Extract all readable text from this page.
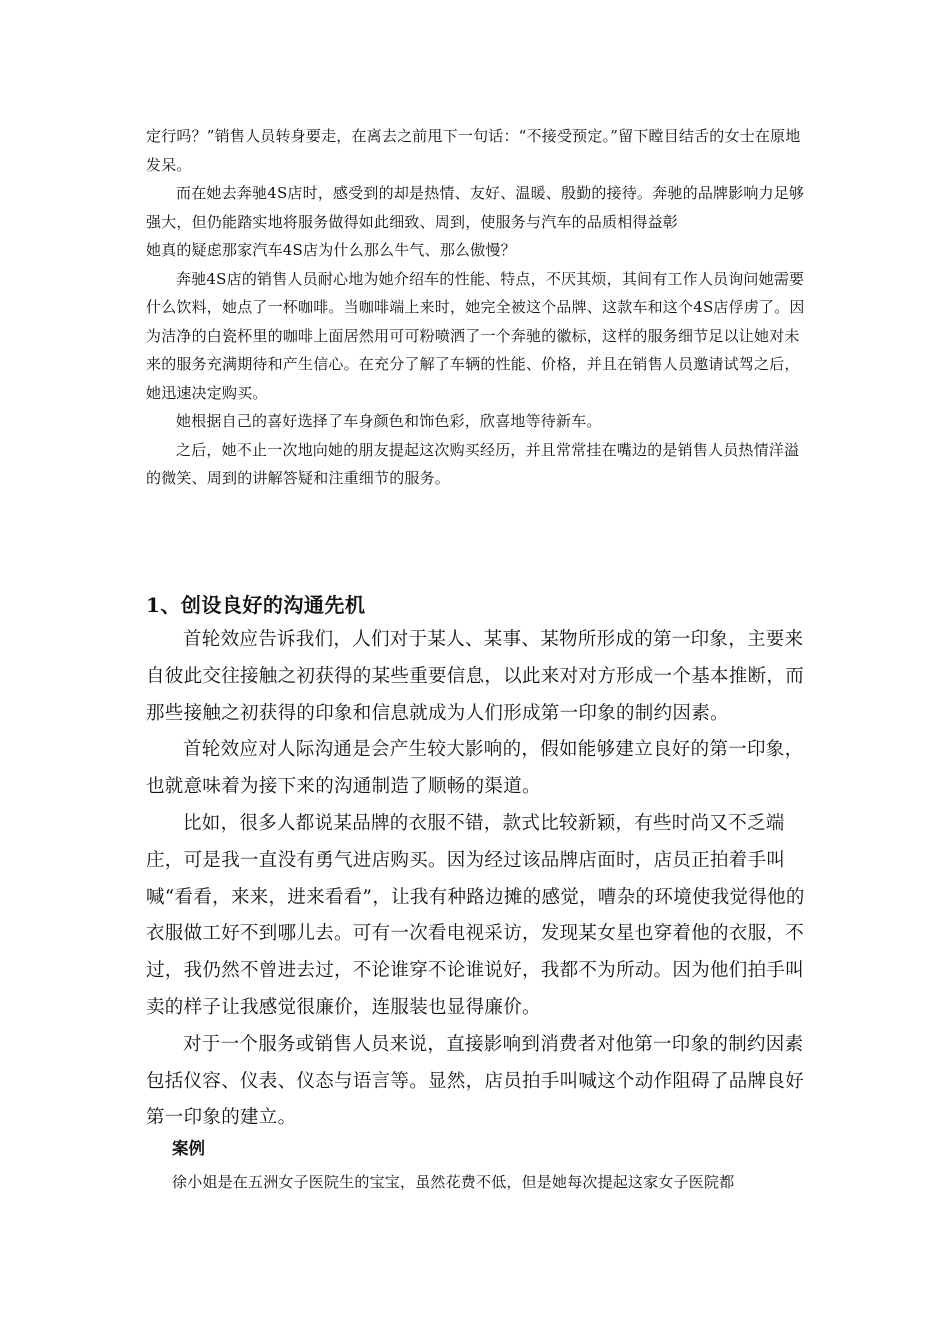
定行吗？”销售人员转身要走，在离去之前甩下一句话：“不接受预定。”留下瞠目结舌的女士在原地发呆。

而在她去奔驰4S店时，感受到的却是热情、友好、温暖、殷勤的接待。奔驰的品牌影响力足够强大，但仍能踏实地将服务做得如此细致、周到，使服务与汽车的品质相得益彰

她真的疑虑那家汽车4S店为什么那么牛气、那么傲慢？

奔驰4S店的销售人员耐心地为她介绍车的性能、特点，不厌其烦，其间有工作人员询问她需要什么饮料，她点了一杯咖啡。当咖啡端上来时，她完全被这个品牌、这款车和这个4S店俘虏了。因为洁净的白瓷杯里的咖啡上面居然用可可粉喷洒了一个奔驰的徽标，这样的服务细节足以让她对未来的服务充满期待和产生信心。在充分了解了车辆的性能、价格，并且在销售人员邀请试驾之后，她迅速决定购买。

她根据自己的喜好选择了车身颜色和饰色彩，欣喜地等待新车。

之后，她不止一次地向她的朋友提起这次购买经历，并且常常挂在嘴边的是销售人员热情洋溢的微笑、周到的讲解答疑和注重细节的服务。

1、创设良好的沟通先机

首轮效应告诉我们，人们对于某人、某事、某物所形成的第一印象，主要来自彼此交往接触之初获得的某些重要信息，以此来对对方形成一个基本推断，而那些接触之初获得的印象和信息就成为人们形成第一印象的制约因素。

首轮效应对人际沟通是会产生较大影响的，假如能够建立良好的第一印象，也就意味着为接下来的沟通制造了顺畅的渠道。

比如，很多人都说某品牌的衣服不错，款式比较新颖，有些时尚又不乏端庄，可是我一直没有勇气进店购买。因为经过该品牌店面时，店员正拍着手叫喊“看看，来来，进来看看”，让我有种路边摊的感觉，嘈杂的环境使我觉得他的衣服做工好不到哪儿去。可有一次看电视采访，发现某女星也穿着他的衣服，不过，我仍然不曾进去过，不论谁穿不论谁说好，我都不为所动。因为他们拍手叫卖的样子让我感觉很廉价，连服装也显得廉价。

对于一个服务或销售人员来说，直接影响到消费者对他第一印象的制约因素包括仪容、仪表、仪态与语言等。显然，店员拍手叫喊这个动作阻碍了品牌良好第一印象的建立。

案例
徐小姐是在五洲女子医院生的宝宝，虽然花费不低，但是她每次提起这家女子医院都
